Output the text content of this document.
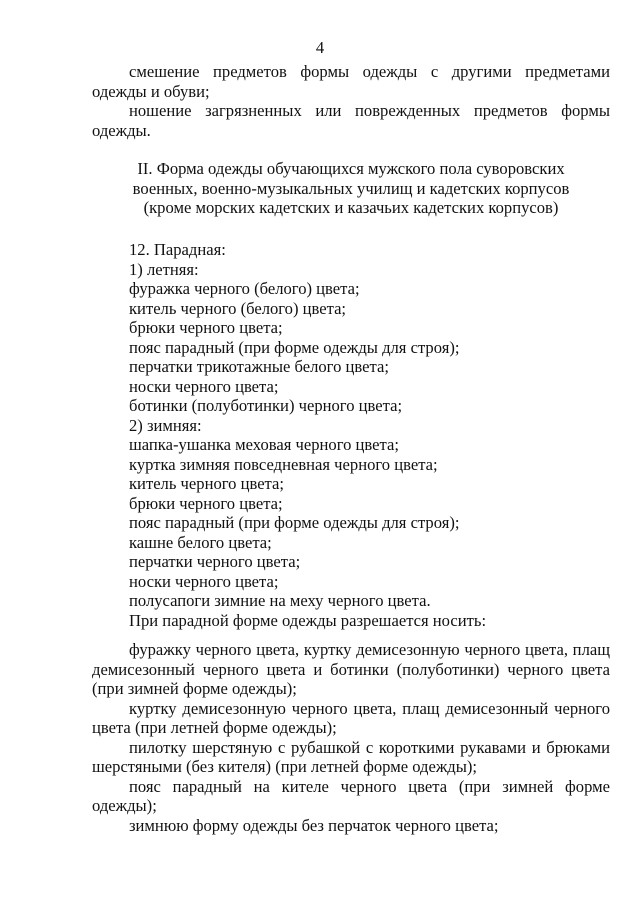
4

смешение предметов формы одежды с другими предметами одежды и обуви;

ношение загрязненных или поврежденных предметов формы одежды.

II. Форма одежды обучающихся мужского пола суворовских
военных, военно-музыкальных училищ и кадетских корпусов
(кроме морских кадетских и казачьих кадетских корпусов)
12. Парадная:
1) летняя:
фуражка черного (белого) цвета;
китель черного (белого) цвета;
брюки черного цвета;
пояс парадный (при форме одежды для строя);
перчатки трикотажные белого цвета;
носки черного цвета;
ботинки (полуботинки) черного цвета;
2) зимняя:
шапка-ушанка меховая черного цвета;
куртка зимняя повседневная черного цвета;
китель черного цвета;
брюки черного цвета;
пояс парадный (при форме одежды для строя);
кашне белого цвета;
перчатки черного цвета;
носки черного цвета;
полусапоги зимние на меху черного цвета.
При парадной форме одежды разрешается носить:

фуражку черного цвета, куртку демисезонную черного цвета, плащ демисезонный черного цвета и ботинки (полуботинки) черного цвета (при зимней форме одежды);

куртку демисезонную черного цвета, плащ демисезонный черного цвета (при летней форме одежды);

пилотку шерстяную с рубашкой с короткими рукавами и брюками шерстяными (без кителя) (при летней форме одежды);

пояс парадный на кителе черного цвета (при зимней форме одежды);

зимнюю форму одежды без перчаток черного цвета;
